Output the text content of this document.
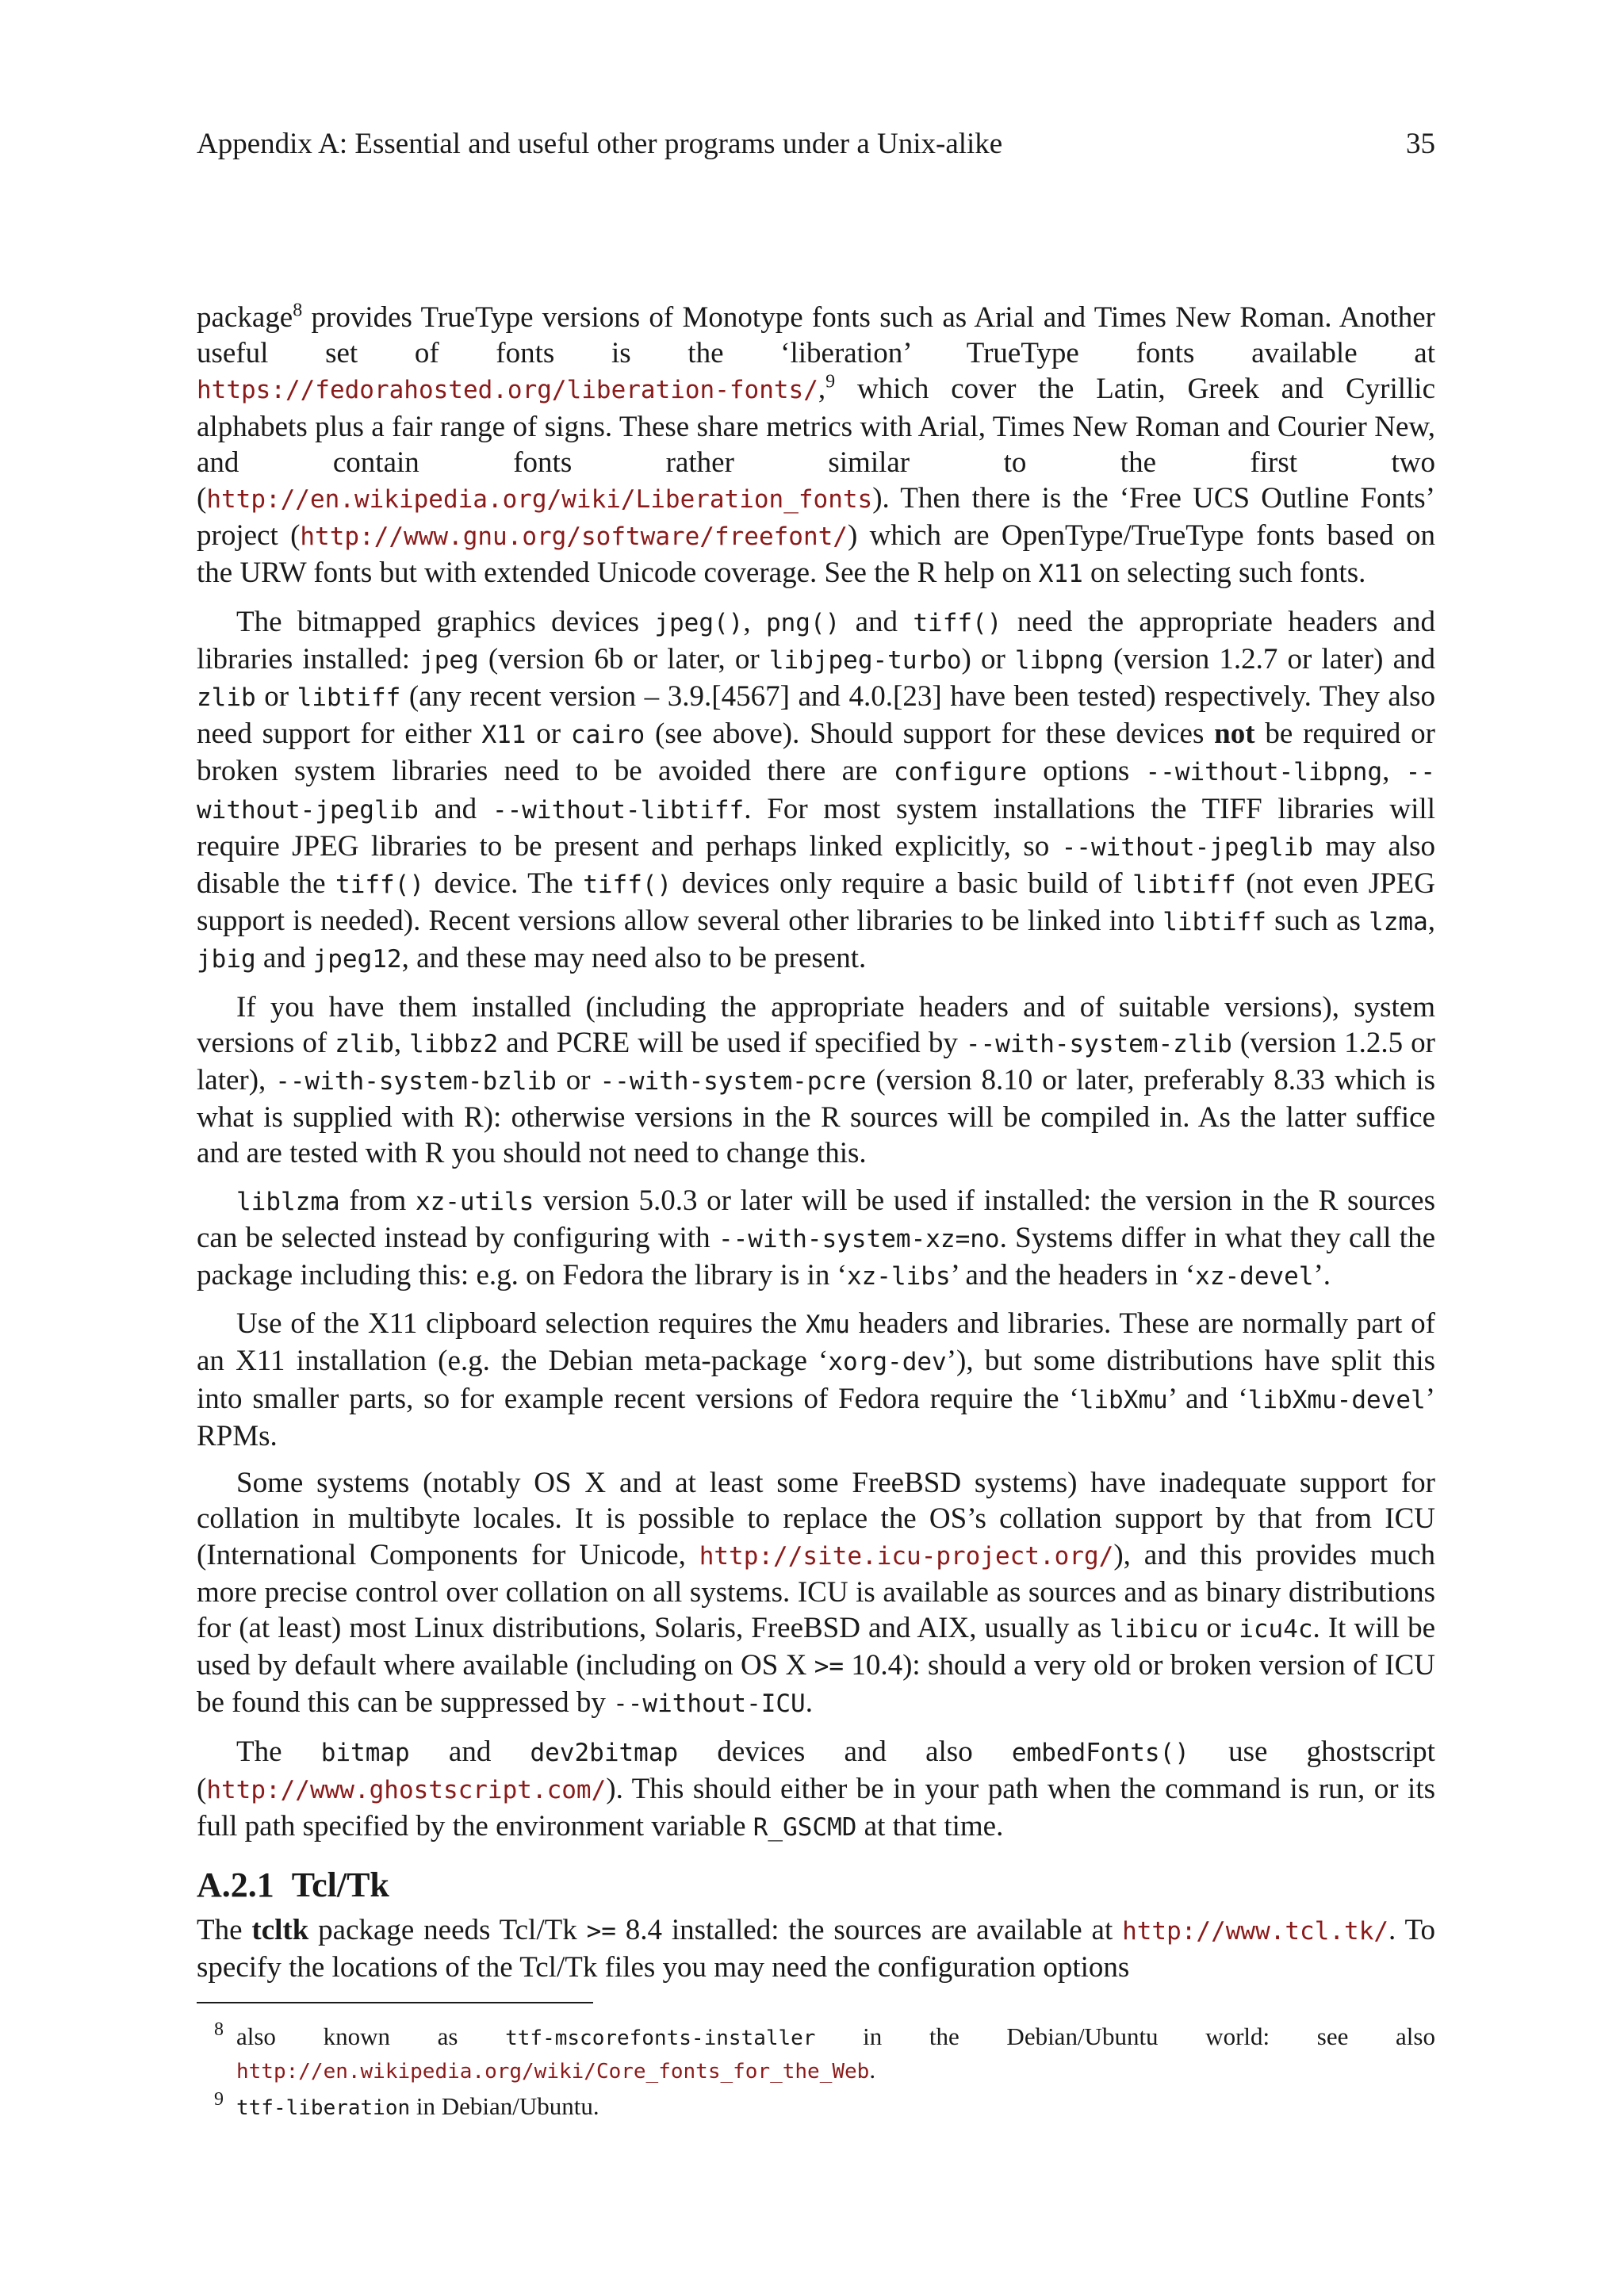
Appendix A: Essential and useful other programs under a Unix-alike	35

package$^8$ provides TrueType versions of Monotype fonts such as Arial and Times New Roman. Another useful set of fonts is the ‘liberation’ TrueType fonts available at https://fedorahosted.org/liberation-fonts/,$^9$ which cover the Latin, Greek and Cyrillic alphabets plus a fair range of signs. These share metrics with Arial, Times New Roman and Courier New, and contain fonts rather similar to the first two (http://en.wikipedia.org/wiki/Liberation_fonts). Then there is the ‘Free UCS Outline Fonts’ project (http://www.gnu.org/software/freefont/) which are OpenType/TrueType fonts based on the URW fonts but with extended Unicode coverage. See the R help on X11 on selecting such fonts.

The bitmapped graphics devices jpeg(), png() and tiff() need the appropriate headers and libraries installed: jpeg (version 6b or later, or libjpeg-turbo) or libpng (version 1.2.7 or later) and zlib or libtiff (any recent version – 3.9.[4567] and 4.0.[23] have been tested) respectively. They also need support for either X11 or cairo (see above). Should support for these devices not be required or broken system libraries need to be avoided there are configure options --without-libpng, --without-jpeglib and --without-libtiff. For most system installations the TIFF libraries will require JPEG libraries to be present and perhaps linked explicitly, so --without-jpeglib may also disable the tiff() device. The tiff() devices only require a basic build of libtiff (not even JPEG support is needed). Recent versions allow several other libraries to be linked into libtiff such as lzma, jbig and jpeg12, and these may need also to be present.

If you have them installed (including the appropriate headers and of suitable versions), system versions of zlib, libbz2 and PCRE will be used if specified by --with-system-zlib (version 1.2.5 or later), --with-system-bzlib or --with-system-pcre (version 8.10 or later, preferably 8.33 which is what is supplied with R): otherwise versions in the R sources will be compiled in. As the latter suffice and are tested with R you should not need to change this.

liblzma from xz-utils version 5.0.3 or later will be used if installed: the version in the R sources can be selected instead by configuring with --with-system-xz=no. Systems differ in what they call the package including this: e.g. on Fedora the library is in ‘xz-libs’ and the headers in ‘xz-devel’.

Use of the X11 clipboard selection requires the Xmu headers and libraries. These are normally part of an X11 installation (e.g. the Debian meta-package ‘xorg-dev’), but some distributions have split this into smaller parts, so for example recent versions of Fedora require the ‘libXmu’ and ‘libXmu-devel’ RPMs.

Some systems (notably OS X and at least some FreeBSD systems) have inadequate support for collation in multibyte locales. It is possible to replace the OS’s collation support by that from ICU (International Components for Unicode, http://site.icu-project.org/), and this provides much more precise control over collation on all systems. ICU is available as sources and as binary distributions for (at least) most Linux distributions, Solaris, FreeBSD and AIX, usually as libicu or icu4c. It will be used by default where available (including on OS X >= 10.4): should a very old or broken version of ICU be found this can be suppressed by --without-ICU.

The bitmap and dev2bitmap devices and also embedFonts() use ghostscript (http://www.ghostscript.com/). This should either be in your path when the command is run, or its full path specified by the environment variable R_GSCMD at that time.

A.2.1 Tcl/Tk

The tcltk package needs Tcl/Tk >= 8.4 installed: the sources are available at http://www.tcl.tk/. To specify the locations of the Tcl/Tk files you may need the configuration options

8 also known as ttf-mscorefonts-installer in the Debian/Ubuntu world: see also http://en.wikipedia.org/wiki/Core_fonts_for_the_Web.
9 ttf-liberation in Debian/Ubuntu.
